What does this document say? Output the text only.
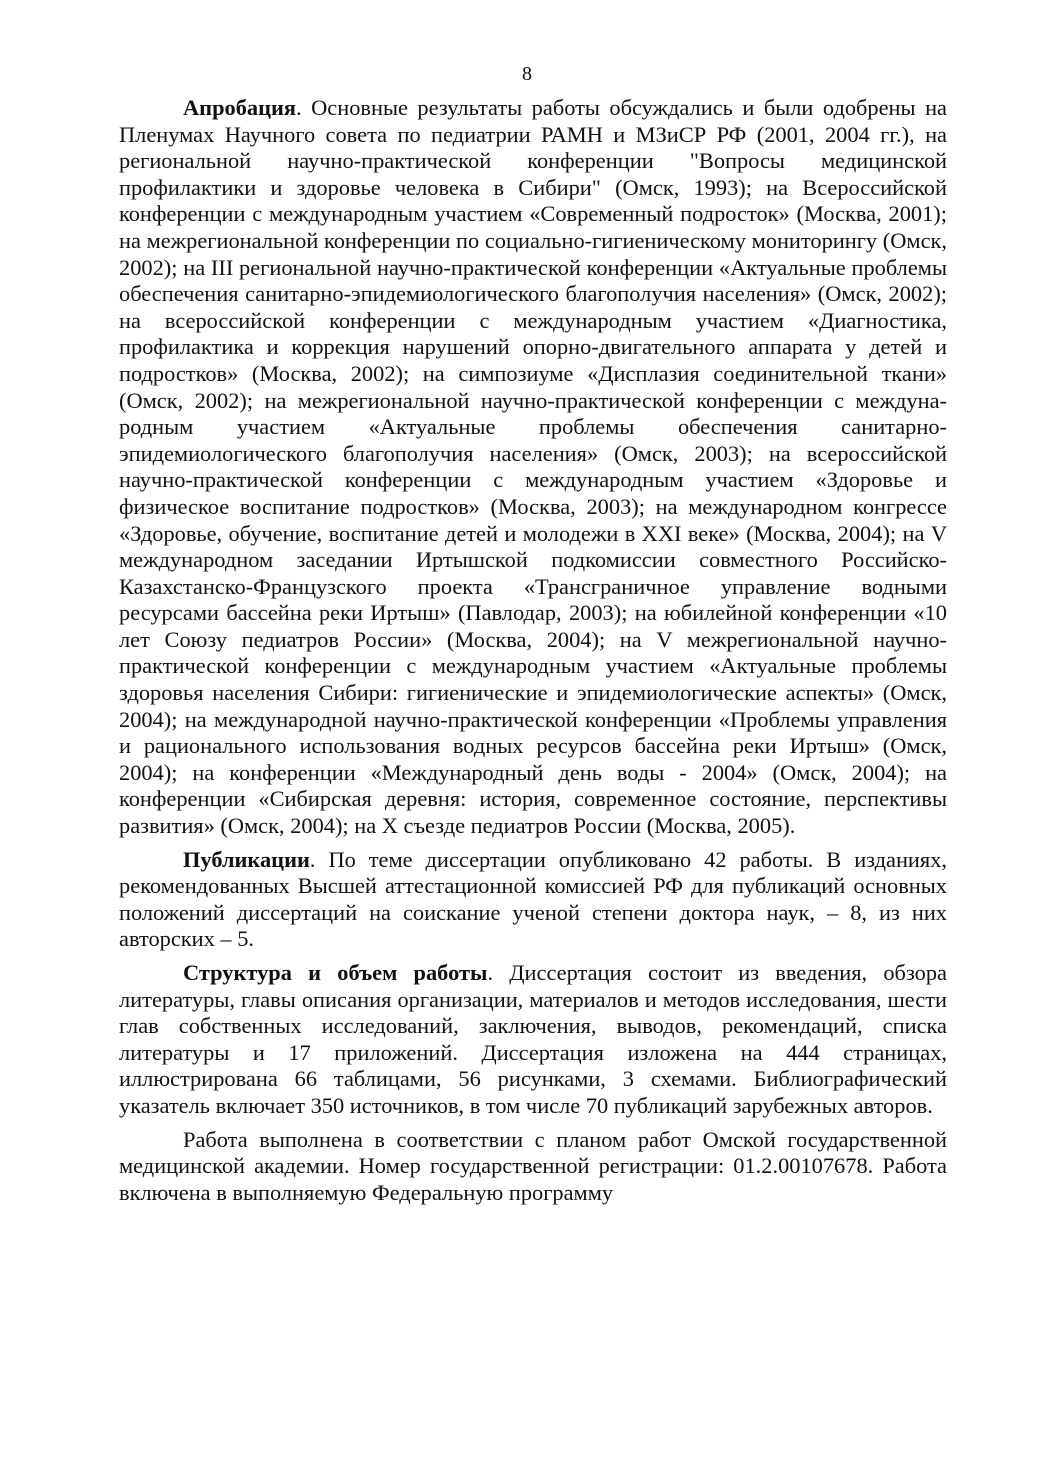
8

Апробация. Основные результаты работы обсуждались и были одобрены на Пленумах Научного совета по педиатрии РАМН и МЗиСР РФ (2001, 2004 гг.), на региональной научно-практической конференции "Вопросы медицинской профилактики и здоровье человека в Сибири" (Омск, 1993); на Всероссийской конференции с международным участием «Современный подросток» (Москва, 2001); на межрегиональной конференции по социально-гигиеническому мониторингу (Омск, 2002); на III региональной научно-практической конференции «Актуальные проблемы обеспечения санитарно-эпидемиологического благополучия населения» (Омск, 2002); на всероссийской конференции с международным участием «Диагностика, профилактика и коррекция нарушений опорно-двигательного аппарата у детей и подростков» (Москва, 2002); на симпозиуме «Дисплазия соединительной ткани» (Омск, 2002); на межрегиональной научно-практической конференции с международным участием «Актуальные проблемы обеспечения санитарно-эпидемиологического благополучия населения» (Омск, 2003); на всероссийской научно-практической конференции с международным участием «Здоровье и физическое воспитание подростков» (Москва, 2003); на международном конгрессе «Здоровье, обучение, воспитание детей и молодежи в XXI веке» (Москва, 2004); на V международном заседании Иртышской подкомиссии совместного Российско-Казахстанско-Французского проекта «Трансграничное управление водными ресурсами бассейна реки Иртыш» (Павлодар, 2003); на юбилейной конференции «10 лет Союзу педиатров России» (Москва, 2004); на V межрегиональной научно-практической конференции с международным участием «Актуальные проблемы здоровья населения Сибири: гигиенические и эпидемиологические аспекты» (Омск, 2004); на международной научно-практической конференции «Проблемы управления и рационального использования водных ресурсов бассейна реки Иртыш» (Омск, 2004); на конференции «Международный день воды - 2004» (Омск, 2004); на конференции «Сибирская деревня: история, современное состояние, перспективы развития» (Омск, 2004); на X съезде педиатров России (Москва, 2005).

Публикации. По теме диссертации опубликовано 42 работы. В изданиях, рекомендованных Высшей аттестационной комиссией РФ для публикаций основных положений диссертаций на соискание ученой степени доктора наук, – 8, из них авторских – 5.

Структура и объем работы. Диссертация состоит из введения, обзора литературы, главы описания организации, материалов и методов исследования, шести глав собственных исследований, заключения, выводов, рекомендаций, списка литературы и 17 приложений. Диссертация изложена на 444 страницах, иллюстрирована 66 таблицами, 56 рисунками, 3 схемами. Библиографический указатель включает 350 источников, в том числе 70 публикаций зарубежных авторов.

Работа выполнена в соответствии с планом работ Омской государственной медицинской академии. Номер государственной регистрации: 01.2.00107678. Работа включена в выполняемую Федеральную программу
